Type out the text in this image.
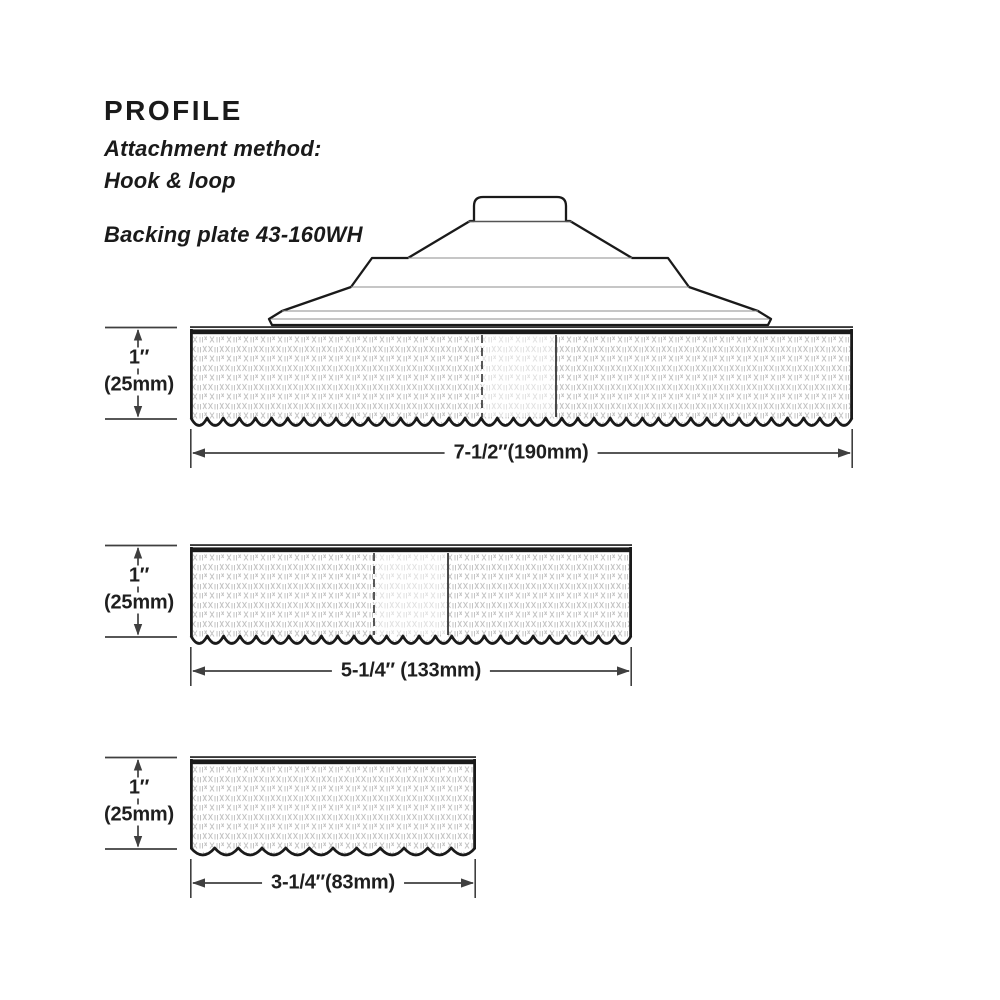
PROFILE
Attachment method:
Hook & loop
Backing plate 43-160WH
1″
(25mm)
1″
(25mm)
1″
(25mm)
7-1/2″(190mm)
5-1/4″ (133mm)
3-1/4″(83mm)
